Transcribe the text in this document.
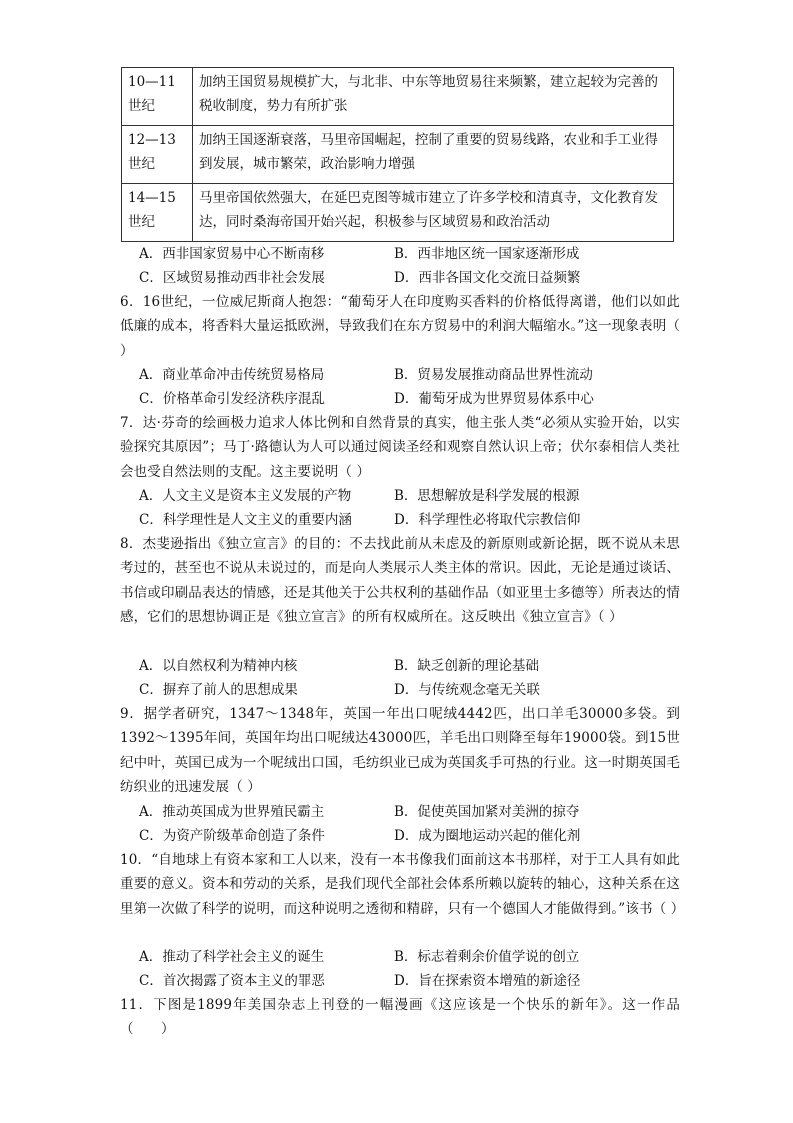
10—11世纪	加纳王国贸易规模扩大，与北非、中东等地贸易往来频繁，建立起较为完善的税收制度，势力有所扩张
12—13世纪	加纳王国逐渐衰落，马里帝国崛起，控制了重要的贸易线路，农业和手工业得到发展，城市繁荣，政治影响力增强
14—15世纪	马里帝国依然强大，在延巴克图等城市建立了许多学校和清真寺，文化教育发达，同时桑海帝国开始兴起，积极参与区域贸易和政治活动
A．西非国家贸易中心不断南移	B．西非地区统一国家逐渐形成
C．区域贸易推动西非社会发展	D．西非各国文化交流日益频繁
6．16世纪，一位威尼斯商人抱怨：“葡萄牙人在印度购买香料的价格低得离谱，他们以如此低廉的成本，将香料大量运抵欧洲，导致我们在东方贸易中的利润大幅缩水。”这一现象表明（ ）
A．商业革命冲击传统贸易格局	B．贸易发展推动商品世界性流动
C．价格革命引发经济秩序混乱	D．葡萄牙成为世界贸易体系中心
7．达·芬奇的绘画极力追求人体比例和自然背景的真实，他主张人类“必须从实验开始，以实验探究其原因”；马丁·路德认为人可以通过阅读圣经和观察自然认识上帝；伏尔泰相信人类社会也受自然法则的支配。这主要说明（ ）
A．人文主义是资本主义发展的产物	B．思想解放是科学发展的根源
C．科学理性是人文主义的重要内涵	D．科学理性必将取代宗教信仰
8．杰斐逊指出《独立宣言》的目的：不去找此前从未虑及的新原则或新论据，既不说从未思考过的，甚至也不说从未说过的，而是向人类展示人类主体的常识。因此，无论是通过谈话、书信或印刷品表达的情感，还是其他关于公共权利的基础作品（如亚里士多德等）所表达的情感，它们的思想协调正是《独立宣言》的所有权威所在。这反映出《独立宣言》（ ）
A．以自然权利为精神内核	B．缺乏创新的理论基础
C．摒弃了前人的思想成果	D．与传统观念毫无关联
9．据学者研究，1347～1348年，英国一年出口呢绒4442匹，出口羊毛30000多袋。到1392～1395年间，英国年均出口呢绒达43000匹，羊毛出口则降至每年19000袋。到15世纪中叶，英国已成为一个呢绒出口国，毛纺织业已成为英国炙手可热的行业。这一时期英国毛纺织业的迅速发展（ ）
A．推动英国成为世界殖民霸主	B．促使英国加紧对美洲的掠夺
C．为资产阶级革命创造了条件	D．成为圈地运动兴起的催化剂
10．“自地球上有资本家和工人以来，没有一本书像我们面前这本书那样，对于工人具有如此重要的意义。资本和劳动的关系，是我们现代全部社会体系所赖以旋转的轴心，这种关系在这里第一次做了科学的说明，而这种说明之透彻和精辟，只有一个德国人才能做得到。”该书（ ）
A．推动了科学社会主义的诞生	B．标志着剩余价值学说的创立
C．首次揭露了资本主义的罪恶	D．旨在探索资本增殖的新途径
11．下图是1899年美国杂志上刊登的一幅漫画《这应该是一个快乐的新年》。这一作品（　　）
